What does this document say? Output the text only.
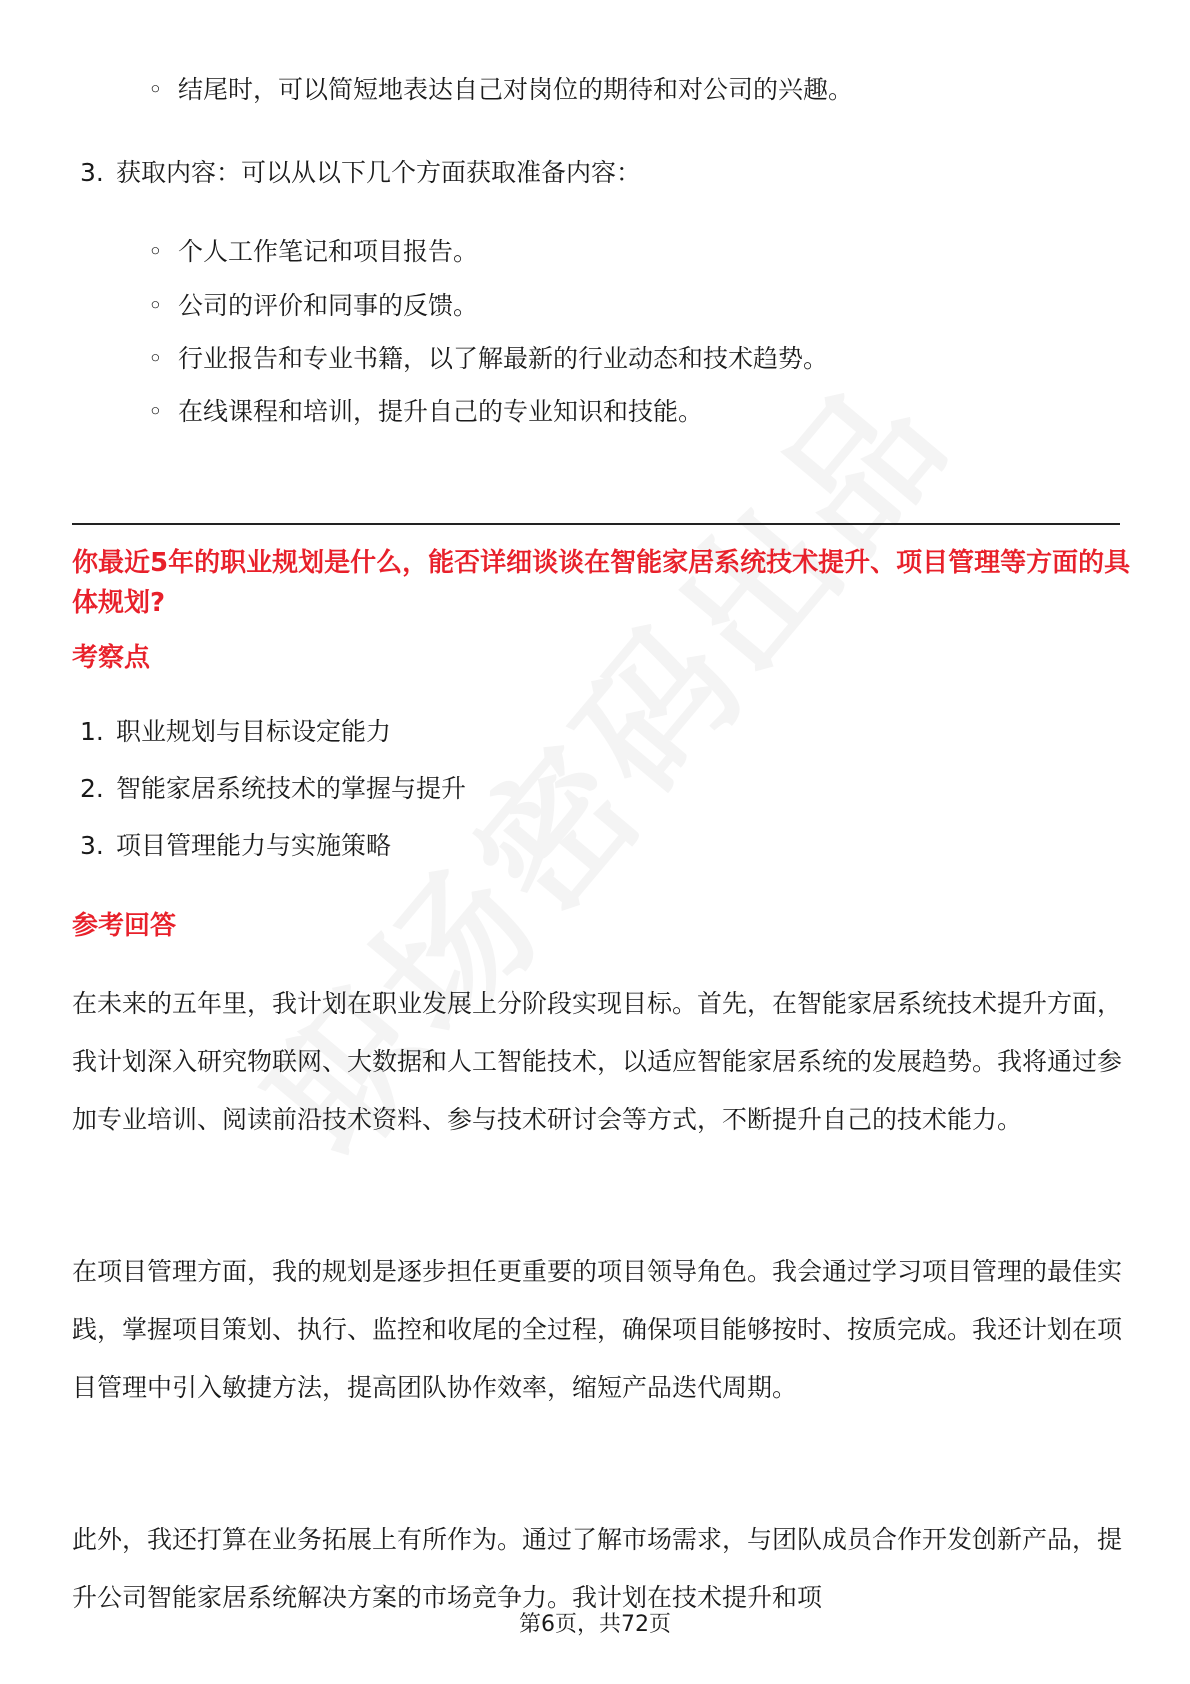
◦ 结尾时，可以简短地表达自己对岗位的期待和对公司的兴趣。
3. 获取内容：可以从以下几个方面获取准备内容：
◦ 个人工作笔记和项目报告。
◦ 公司的评价和同事的反馈。
◦ 行业报告和专业书籍，以了解最新的行业动态和技术趋势。
◦ 在线课程和培训，提升自己的专业知识和技能。
你最近5年的职业规划是什么，能否详细谈谈在智能家居系统技术提升、项目管理等方面的具体规划?
考察点
1. 职业规划与目标设定能力
2. 智能家居系统技术的掌握与提升
3. 项目管理能力与实施策略
参考回答
在未来的五年里，我计划在职业发展上分阶段实现目标。首先，在智能家居系统技术提升方面，我计划深入研究物联网、大数据和人工智能技术，以适应智能家居系统的发展趋势。我将通过参加专业培训、阅读前沿技术资料、参与技术研讨会等方式，不断提升自己的技术能力。
在项目管理方面，我的规划是逐步担任更重要的项目领导角色。我会通过学习项目管理的最佳实践，掌握项目策划、执行、监控和收尾的全过程，确保项目能够按时、按质完成。我还计划在项目管理中引入敏捷方法，提高团队协作效率，缩短产品迭代周期。
此外，我还打算在业务拓展上有所作为。通过了解市场需求，与团队成员合作开发创新产品，提升公司智能家居系统解决方案的市场竞争力。我计划在技术提升和项
第6页，共72页
